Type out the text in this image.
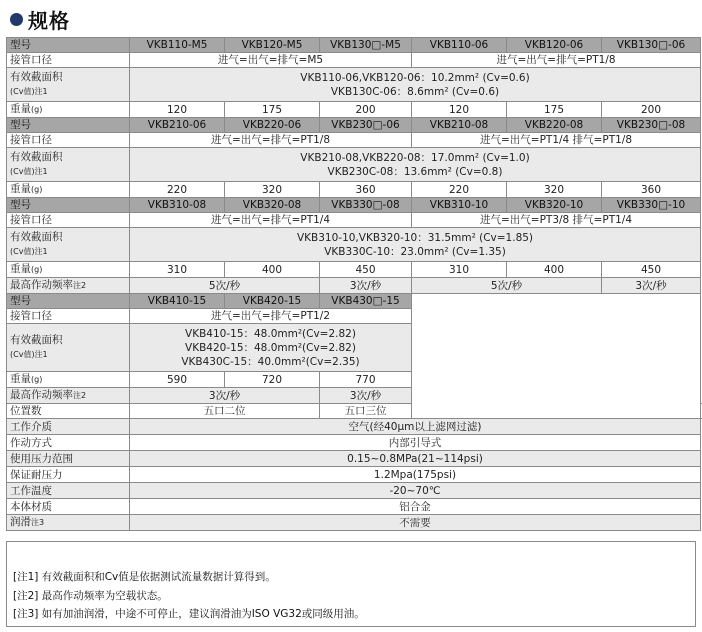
规格
型号	VKB110-M5	VKB120-M5	VKB130□-M5	VKB110-06	VKB120-06	VKB130□-06	
接管口径	进气=出气=排气=M5			进气=出气=排气=PT1/8			
有效截面积
(Cv值)注1	VKB110-06,VKB120-06：10.2mm² (Cv=0.6)
VKB130C-06：8.6mm² (Cv=0.6)						
重量(g)	120	175	200	120	175	200	
型号	VKB210-06	VKB220-06	VKB230□-06	VKB210-08	VKB220-08	VKB230□-08	
接管口径	进气=出气=排气=PT1/8			进气=出气=PT1/4 排气=PT1/8			
有效截面积
(Cv值)注1	VKB210-08,VKB220-08：17.0mm² (Cv=1.0)
VKB230C-08：13.6mm² (Cv=0.8)						
重量(g)	220	320	360	220	320	360	
型号	VKB310-08	VKB320-08	VKB330□-08	VKB310-10	VKB320-10	VKB330□-10	
接管口径	进气=出气=排气=PT1/4			进气=出气=PT3/8 排气=PT1/4			
有效截面积
(Cv值)注1	VKB310-10,VKB320-10：31.5mm² (Cv=1.85)
VKB330C-10：23.0mm² (Cv=1.35)						
重量(g)	310	400	450	310	400	450	
最高作动频率注2	5次/秒		3次/秒	5次/秒		3次/秒	
型号	VKB410-15	VKB420-15	VKB430□-15				
接管口径	进气=出气=排气=PT1/2						
有效截面积
(Cv值)注1	VKB410-15：48.0mm²(Cv=2.82)
VKB420-15：48.0mm²(Cv=2.82)
VKB430C-15：40.0mm²(Cv=2.35)						
重量(g)	590	720	770				
最高作动频率注2	3次/秒		3次/秒				
位置数	五口二位		五口三位		
工作介质	空气(经40μm以上滤网过滤)						
作动方式	内部引导式						
使用压力范围	0.15~0.8MPa(21~114psi)						
保证耐压力	1.2Mpa(175psi)						
工作温度	-20~70℃						
本体材质	铝合金						
润滑注3	不需要						
[注1] 有效截面积和Cv值是依据测试流量数据计算得到。
[注2] 最高作动频率为空载状态。
[注3] 如有加油润滑，中途不可停止，建议润滑油为ISO VG32或同级用油。
